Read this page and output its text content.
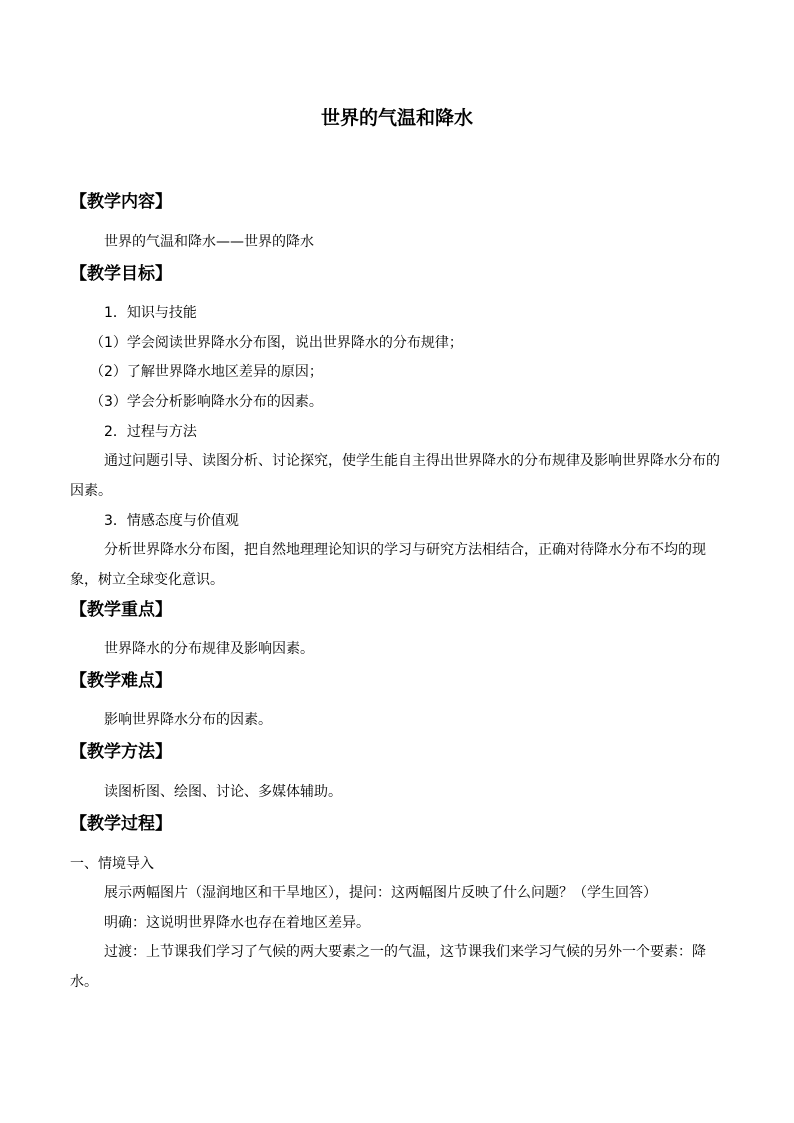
世界的气温和降水
【教学内容】
世界的气温和降水——世界的降水
【教学目标】
1．知识与技能
（1）学会阅读世界降水分布图，说出世界降水的分布规律；
（2）了解世界降水地区差异的原因；
（3）学会分析影响降水分布的因素。
2．过程与方法
通过问题引导、读图分析、讨论探究，使学生能自主得出世界降水的分布规律及影响世界降水分布的因素。
3．情感态度与价值观
分析世界降水分布图，把自然地理理论知识的学习与研究方法相结合，正确对待降水分布不均的现象，树立全球变化意识。
【教学重点】
世界降水的分布规律及影响因素。
【教学难点】
影响世界降水分布的因素。
【教学方法】
读图析图、绘图、讨论、多媒体辅助。
【教学过程】
一、情境导入
展示两幅图片（湿润地区和干旱地区），提问：这两幅图片反映了什么问题？（学生回答）
明确：这说明世界降水也存在着地区差异。
过渡：上节课我们学习了气候的两大要素之一的气温，这节课我们来学习气候的另外一个要素：降水。
